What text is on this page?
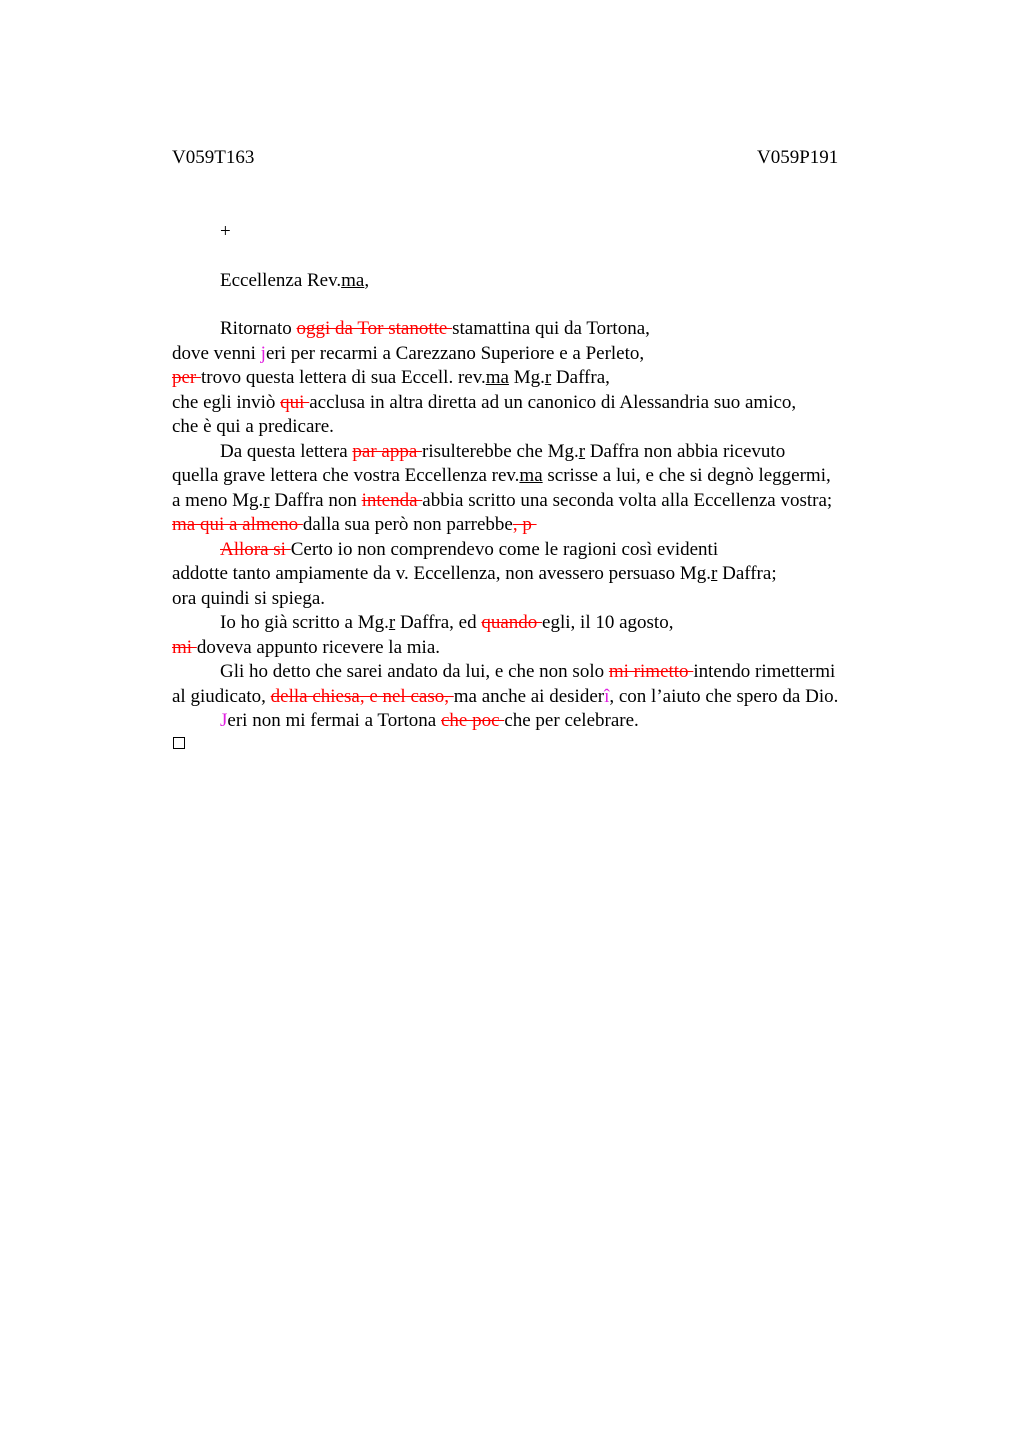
V059T163	V059P191
+
Eccellenza Rev.ma,
Ritornato oggi da Tor stanotte stamattina qui da Tortona,
dove venni jeri per recarmi a Carezzano Superiore e a Perleto,
per trovo questa lettera di sua Eccell. rev.ma Mg.r Daffra,
che egli inviò qui acclusa in altra diretta ad un canonico di Alessandria suo amico,
che è qui a predicare.
Da questa lettera par appa risulterebbe che Mg.r Daffra non abbia ricevuto
quella grave lettera che vostra Eccellenza rev.ma scrisse a lui, e che si degnò leggermi,
a meno Mg.r Daffra non intenda abbia scritto una seconda volta alla Eccellenza vostra;
ma qui a almeno dalla sua però non parrebbe, p
Allora si Certo io non comprendevo come le ragioni così evidenti
addotte tanto ampiamente da v. Eccellenza, non avessero persuaso Mg.r Daffra;
ora quindi si spiega.
Io ho già scritto a Mg.r Daffra, ed quando egli, il 10 agosto,
mi doveva appunto ricevere la mia.
Gli ho detto che sarei andato da lui, e che non solo mi rimetto intendo rimettermi
al giudicato, della chiesa, e nel caso, ma anche ai desiderî, con l’aiuto che spero da Dio.
Jeri non mi fermai a Tortona che poc che per celebrare.
